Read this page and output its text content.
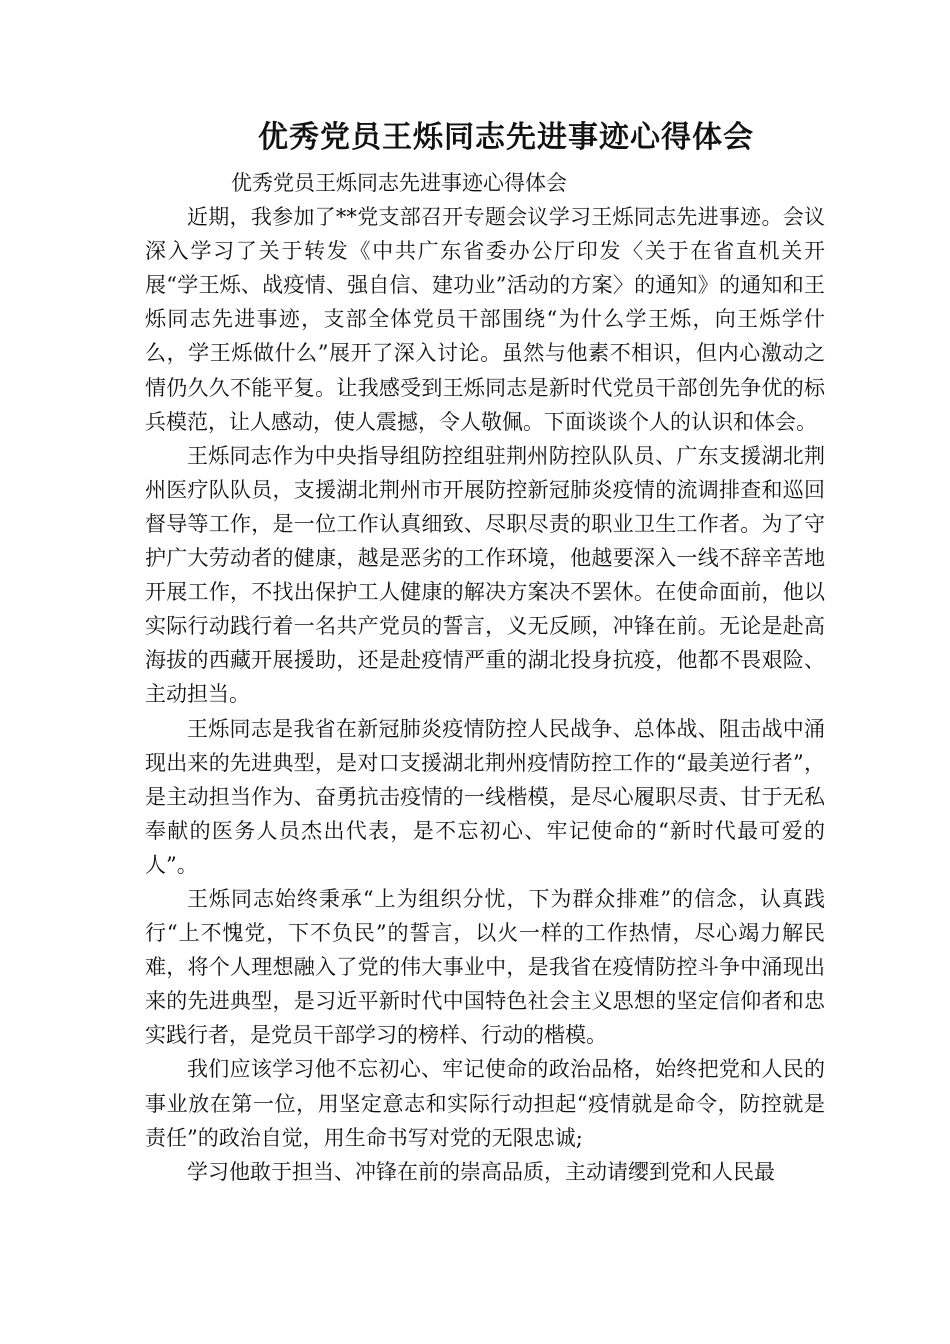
优秀党员王烁同志先进事迹心得体会

优秀党员王烁同志先进事迹心得体会

近期，我参加了**党支部召开专题会议学习王烁同志先进事迹。会议深入学习了关于转发《中共广东省委办公厅印发〈关于在省直机关开展“学王烁、战疫情、强自信、建功业”活动的方案〉的通知》的通知和王烁同志先进事迹，支部全体党员干部围绕“为什么学王烁，向王烁学什么，学王烁做什么”展开了深入讨论。虽然与他素不相识，但内心激动之情仍久久不能平复。让我感受到王烁同志是新时代党员干部创先争优的标兵模范，让人感动，使人震撼，令人敬佩。下面谈谈个人的认识和体会。

王烁同志作为中央指导组防控组驻荆州防控队队员、广东支援湖北荆州医疗队队员，支援湖北荆州市开展防控新冠肺炎疫情的流调排查和巡回督导等工作，是一位工作认真细致、尽职尽责的职业卫生工作者。为了守护广大劳动者的健康，越是恶劣的工作环境，他越要深入一线不辞辛苦地开展工作，不找出保护工人健康的解决方案决不罢休。在使命面前，他以实际行动践行着一名共产党员的誓言，义无反顾，冲锋在前。无论是赴高海拔的西藏开展援助，还是赴疫情严重的湖北投身抗疫，他都不畏艰险、主动担当。

王烁同志是我省在新冠肺炎疫情防控人民战争、总体战、阻击战中涌现出来的先进典型，是对口支援湖北荆州疫情防控工作的“最美逆行者”，是主动担当作为、奋勇抗击疫情的一线楷模，是尽心履职尽责、甘于无私奉献的医务人员杰出代表，是不忘初心、牢记使命的“新时代最可爱的人”。

王烁同志始终秉承“上为组织分忧，下为群众排难”的信念，认真践行“上不愧党，下不负民”的誓言，以火一样的工作热情，尽心竭力解民难，将个人理想融入了党的伟大事业中，是我省在疫情防控斗争中涌现出来的先进典型，是习近平新时代中国特色社会主义思想的坚定信仰者和忠实践行者，是党员干部学习的榜样、行动的楷模。

我们应该学习他不忘初心、牢记使命的政治品格，始终把党和人民的事业放在第一位，用坚定意志和实际行动担起“疫情就是命令，防控就是责任”的政治自觉，用生命书写对党的无限忠诚;

学习他敢于担当、冲锋在前的崇高品质，主动请缨到党和人民最
